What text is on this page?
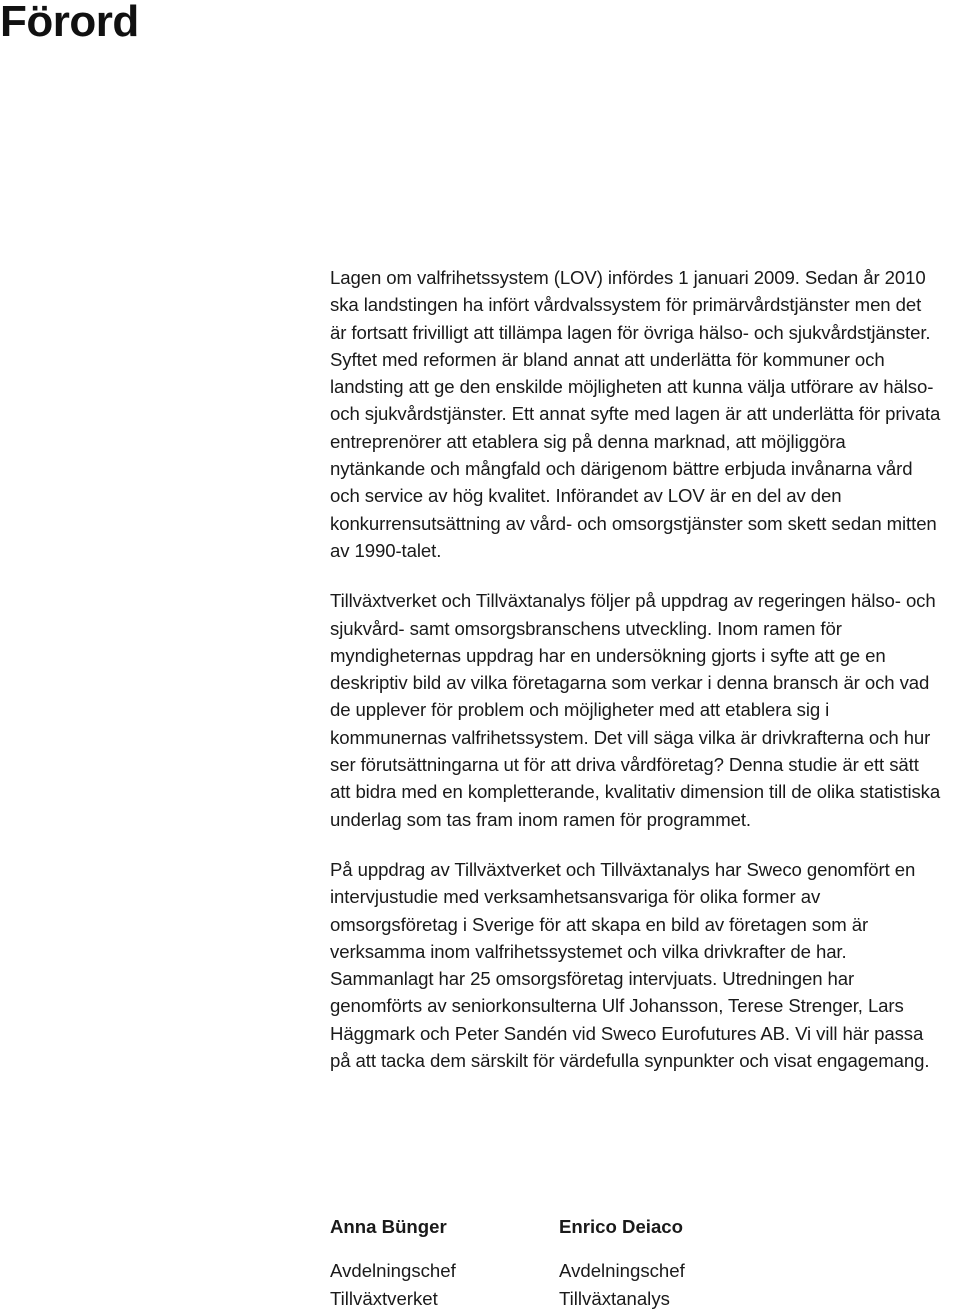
Förord

Lagen om valfrihetssystem (LOV) infördes 1 januari 2009. Sedan år 2010 ska landstingen ha infört vårdvalssystem för primärvårdstjänster men det är fortsatt frivilligt att tillämpa lagen för övriga hälso- och sjukvårdstjänster. Syftet med reformen är bland annat att underlätta för kommuner och landsting att ge den enskilde möjligheten att kunna välja utförare av hälso- och sjukvårdstjänster. Ett annat syfte med lagen är att underlätta för privata entreprenörer att etablera sig på denna marknad, att möjliggöra nytänkande och mångfald och därigenom bättre erbjuda invånarna vård och service av hög kvalitet. Införandet av LOV är en del av den konkurrensutsättning av vård- och omsorgstjänster som skett sedan mitten av 1990-talet.

Tillväxtverket och Tillväxtanalys följer på uppdrag av regeringen hälso- och sjukvård- samt omsorgsbranschens utveckling. Inom ramen för myndigheternas uppdrag har en undersökning gjorts i syfte att ge en deskriptiv bild av vilka företagarna som verkar i denna bransch är och vad de upplever för problem och möjligheter med att etablera sig i kommunernas valfrihetssystem. Det vill säga vilka är drivkrafterna och hur ser förutsättningarna ut för att driva vårdföretag? Denna studie är ett sätt att bidra med en kompletterande, kvalitativ dimension till de olika statistiska underlag som tas fram inom ramen för programmet.

På uppdrag av Tillväxtverket och Tillväxtanalys har Sweco genomfört en intervjustudie med verksamhetsansvariga för olika former av omsorgsföretag i Sverige för att skapa en bild av företagen som är verksamma inom valfrihetssystemet och vilka drivkrafter de har. Sammanlagt har 25 omsorgsföretag intervjuats. Utredningen har genomförts av seniorkonsulterna Ulf Johansson, Terese Strenger, Lars Häggmark och Peter Sandén vid Sweco Eurofutures AB. Vi vill här passa på att tacka dem särskilt för värdefulla synpunkter och visat engagemang.

Anna Bünger
Avdelningschef
Tillväxtverket
Enrico Deiaco
Avdelningschef
Tillväxtanalys
